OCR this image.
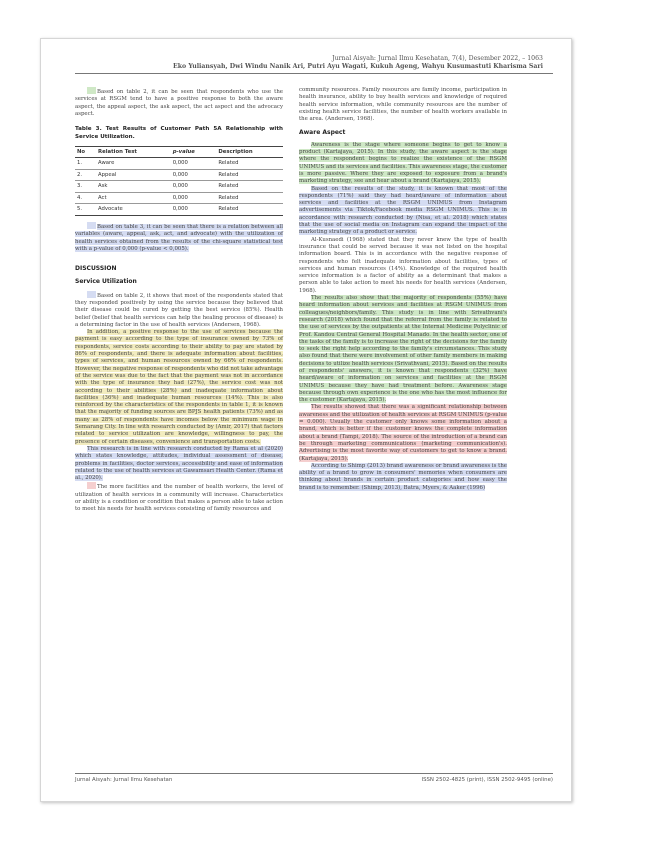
Jurnal Aisyah: Jurnal Ilmu Kesehatan, 7(4), Desember 2022, – 1063
Eko Yuliansyah, Dwi Windu Nanik Ari, Putri Ayu Wagati, Kukuh Ageng, Wahyu Kusumastuti Kharisma Sari

Based on table 2, it can be seen that respondents who use the services at RSGM tend to have a positive response to both the aware aspect, the appeal aspect, the ask aspect, the act aspect and the advocacy aspect.

Table 3. Test Results of Customer Path 5A Relationship with Service Utilization.
No	Relation Test	p-value	Description
1.	Aware	0,000	Related
2.	Appeal	0,000	Related
3.	Ask	0,000	Related
4.	Act	0,000	Related
5.	Advocate	0,000	Related

Based on table 3, it can be seen that there is a relation between all variables (aware, appeal, ask, act, and advocate) with the utilization of health services obtained from the results of the chi-square statistical test with a p-value of 0,000 (p-value < 0,005).

DISCUSSION
Service Utilization

Based on table 2, it shows that most of the respondents stated that they responded positively by using the service because they believed that their disease could be cured by getting the best service (85%). Health belief (belief that health services can help the healing process of disease) is a determining factor in the use of health services (Andersen, 1968).

In addition, a positive response to the use of services because the payment is easy according to the type of insurance owned by 73% of respondents, service costs according to their ability to pay are stated by 86% of respondents, and there is adequate information about facilities, types of services, and human resources owned by 66% of respondents. However, the negative response of respondents who did not take advantage of the service was due to the fact that the payment was not in accordance with the type of insurance they had (27%), the service cost was not according to their abilities (28%) and inadequate information about facilities (36%) and inadequate human resources (14%). This is also reinforced by the characteristics of the respondents in table 1, it is known that the majority of funding sources are BPJS health patients (73%) and as many as 28% of respondents have incomes below the minimum wage in Semarang City. In line with research conducted by (Amir, 2017) that factors related to service utilization are knowledge, willingness to pay, the presence of certain diseases, convenience and transportation costs.

This research is in line with research conducted by Rama et al (2020) which states knowledge, attitudes, individual assessment of disease, problems in facilities, doctor services, accessibility and ease of information related to the use of health services at Gawamsari Health Center. (Rama et al., 2020).

The more facilities and the number of health workers, the level of utilization of health services in a community will increase. Characteristics or ability is a condition or condition that makes a person able to take action to meet his needs for health services consisting of family resources and

community resources. Family resources are family income, participation in health insurance, ability to buy health services and knowledge of required health service information, while community resources are the number of existing health service facilities, the number of health workers available in the area. (Andersen, 1968).

Aware Aspect

Awareness is the stage where someone begins to get to know a product (Kartajaya, 2015). In this study, the aware aspect is the stage where the respondent begins to realize the existence of the RSGM UNIMUS and its services and facilities. This awareness stage, the customer is more passive. Where they are exposed to exposure from a brand's marketing strategy, see and hear about a brand (Kartajaya, 2015).

Based on the results of the study, it is known that most of the respondents (71%) said they had heard/aware of information about services and facilities at the RSGM UNIMUS from Instagram advertisements via Tiktok/Facebook media RSGM UNIMUS. This is in accordance with research conducted by (Nisa, et al. 2018) which states that the use of social media on Instagram can expand the impact of the marketing strategy of a product or service.

Al-Kusnaedi (1968) stated that they never knew the type of health insurance that could be served because it was not listed on the hospital information board. This is in accordance with the negative response of respondents who felt inadequate information about facilities, types of services and human resources (14%). Knowledge of the required health service information is a factor of ability as a determinant that makes a person able to take action to meet his needs for health services (Andersen, 1968).

The results also show that the majority of respondents (55%) have heard information about services and facilities at RSGM UNIMUS from colleagues/neighbors/family. This study is in line with Srivathvani's research (2018) which found that the referral from the family is related to the use of services by the outpatients at the Internal Medicine Polyclinic of Prof. Kandou Central General Hospital Manado. In the health sector, one of the tasks of the family is to increase the right of the decisions for the family to seek the right help according to the family's circumstances. This study also found that there were involvement of other family members in making decisions to utilize health services (Srivathvani, 2015). Based on the results of respondents' answers, it is known that respondents (32%) have heard/aware of information on services and facilities at the RSGM UNIMUS because they have had treatment before. Awareness stage because through own experience is the one who has the most influence for the customer (Kartajaya, 2015).

The results showed that there was a significant relationship between awareness and the utilization of health services at RSGM UNIMUS (p-value = 0.000). Usually the customer only knows some information about a brand, which is better if the customer knows the complete information about a brand (Tampi, 2018). The source of the introduction of a brand can be through marketing communications (marketing communication's). Advertising is the most favorite way of customers to get to know a brand. (Kartajaya, 2015).

According to Shimp (2013) brand awareness or brand awareness is the ability of a brand to grow in consumers' memories when consumers are thinking about brands in certain product categories and how easy the brand is to remember. (Shimp, 2013), Batra, Myers, & Aaker (1996)

Jurnal Aisyah: Jurnal Ilmu Kesehatan	ISSN 2502-4825 (print), ISSN 2502-9495 (online)
